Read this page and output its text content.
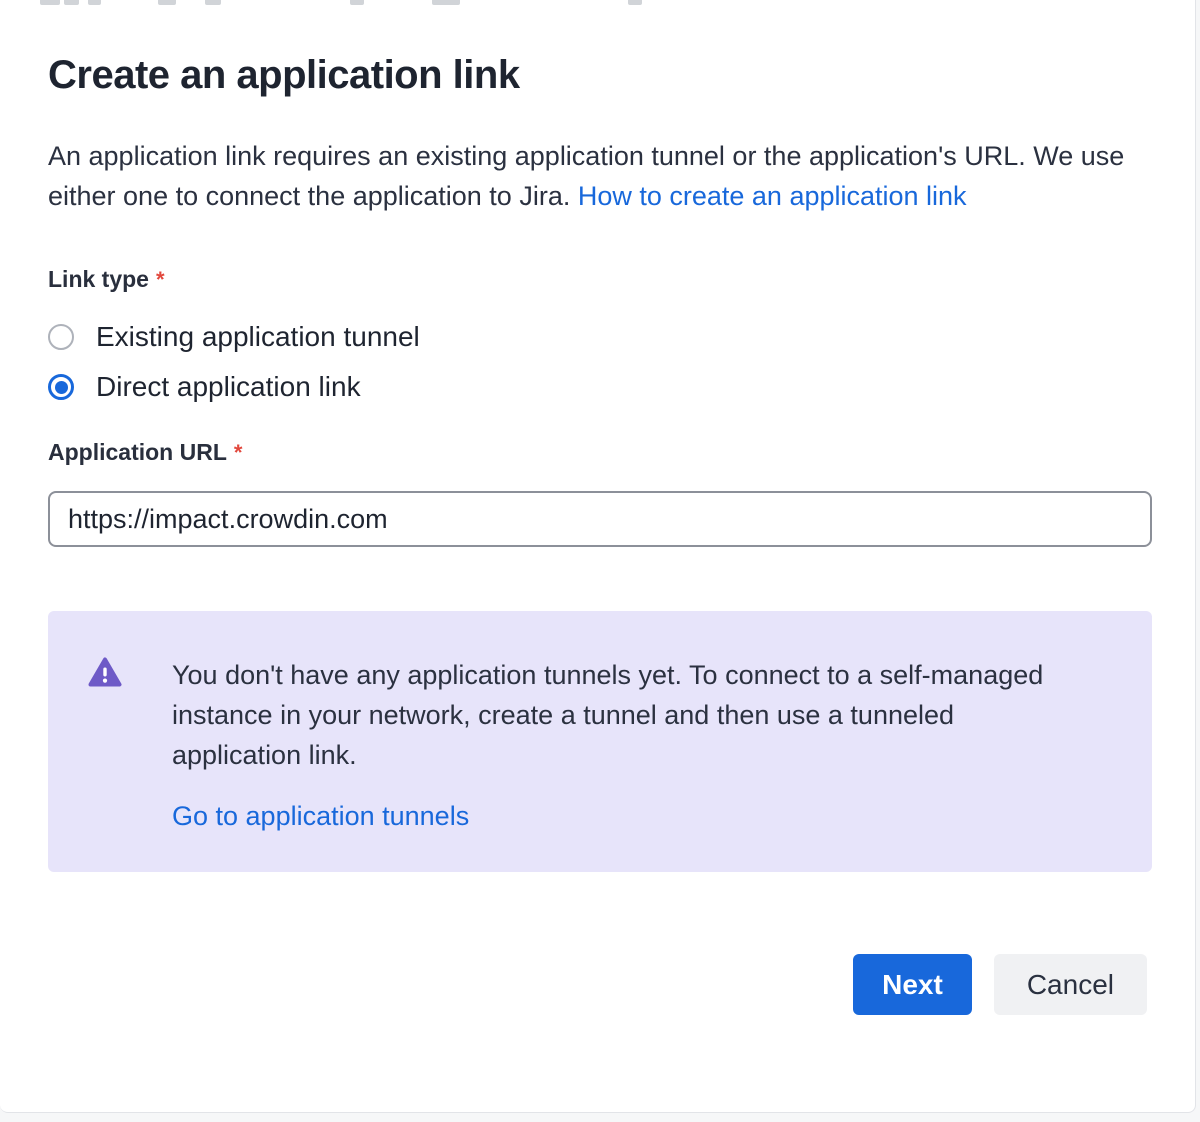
Create an application link

An application link requires an existing application tunnel or the application's URL. We use either one to connect the application to Jira. How to create an application link

Link type *
Existing application tunnel
Direct application link
Application URL *
https://impact.crowdin.com
You don't have any application tunnels yet. To connect to a self-managed instance in your network, create a tunnel and then use a tunneled application link.
Go to application tunnels
Next	Cancel
